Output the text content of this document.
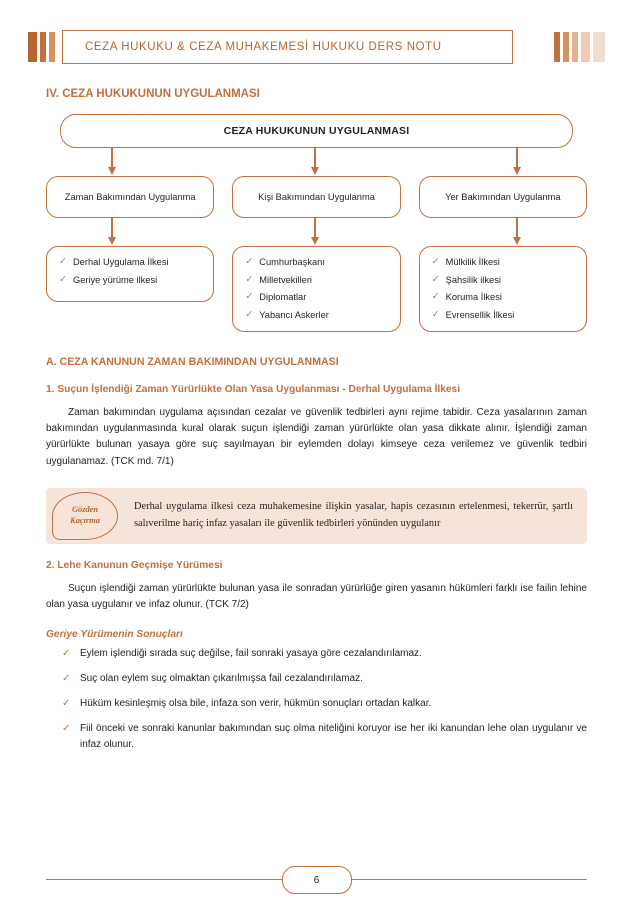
CEZA HUKUKU & CEZA MUHAKEMESİ HUKUKU DERS NOTU
IV. CEZA HUKUKUNUN UYGULANMASI
CEZA HUKUKUNUN UYGULANMASI
Zaman Bakımından Uygulanma	Kişi Bakımından Uygulanma	Yer Bakımından Uygulanma
✓ Derhal Uygulama İlkesi
✓ Geriye yürüme ilkesi
✓ Cumhurbaşkanı
✓ Milletvekilleri
✓ Diplomatlar
✓ Yabancı Askerler
✓ Mülkilik İlkesi
✓ Şahsilik ilkesi
✓ Koruma İlkesi
✓ Evrensellik İlkesi
A. CEZA KANUNUN ZAMAN BAKIMINDAN UYGULANMASI
1. Suçun İşlendiği Zaman Yürürlükte Olan Yasa Uygulanması - Derhal Uygulama İlkesi

Zaman bakımından uygulama açısından cezalar ve güvenlik tedbirleri aynı rejime tabidir. Ceza yasalarının zaman bakımından uygulanmasında kural olarak suçun işlendiği zaman yürürlükte olan yasa dikkate alınır. İşlendiği zaman yürürlükte bulunan yasaya göre suç sayılmayan bir eylemden dolayı kimseye ceza verilemez ve güvenlik tedbiri uygulanamaz. (TCK md. 7/1)

Gözden
Kaçırma
Derhal uygulama ilkesi ceza muhakemesine ilişkin yasalar, hapis cezasının ertelenmesi, tekerrür, şartlı salıverilme hariç infaz yasaları ile güvenlik tedbirleri yönünden uygulanır
2. Lehe Kanunun Geçmişe Yürümesi

Suçun işlendiği zaman yürürlükte bulunan yasa ile sonradan yürürlüğe giren yasanın hükümleri farklı ise failin lehine olan yasa uygulanır ve infaz olunur. (TCK 7/2)

Geriye Yürümenin Sonuçları
✓ Eylem işlendiği sırada suç değilse, fail sonraki yasaya göre cezalandırılamaz.
✓ Suç olan eylem suç olmaktan çıkarılmışsa fail cezalandırılamaz.
✓ Hüküm kesinleşmiş olsa bile, infaza son verir, hükmün sonuçları ortadan kalkar.
✓ Fiil önceki ve sonraki kanunlar bakımından suç olma niteliğini koruyor ise her iki kanundan lehe olan uygulanır ve infaz olunur.
6
